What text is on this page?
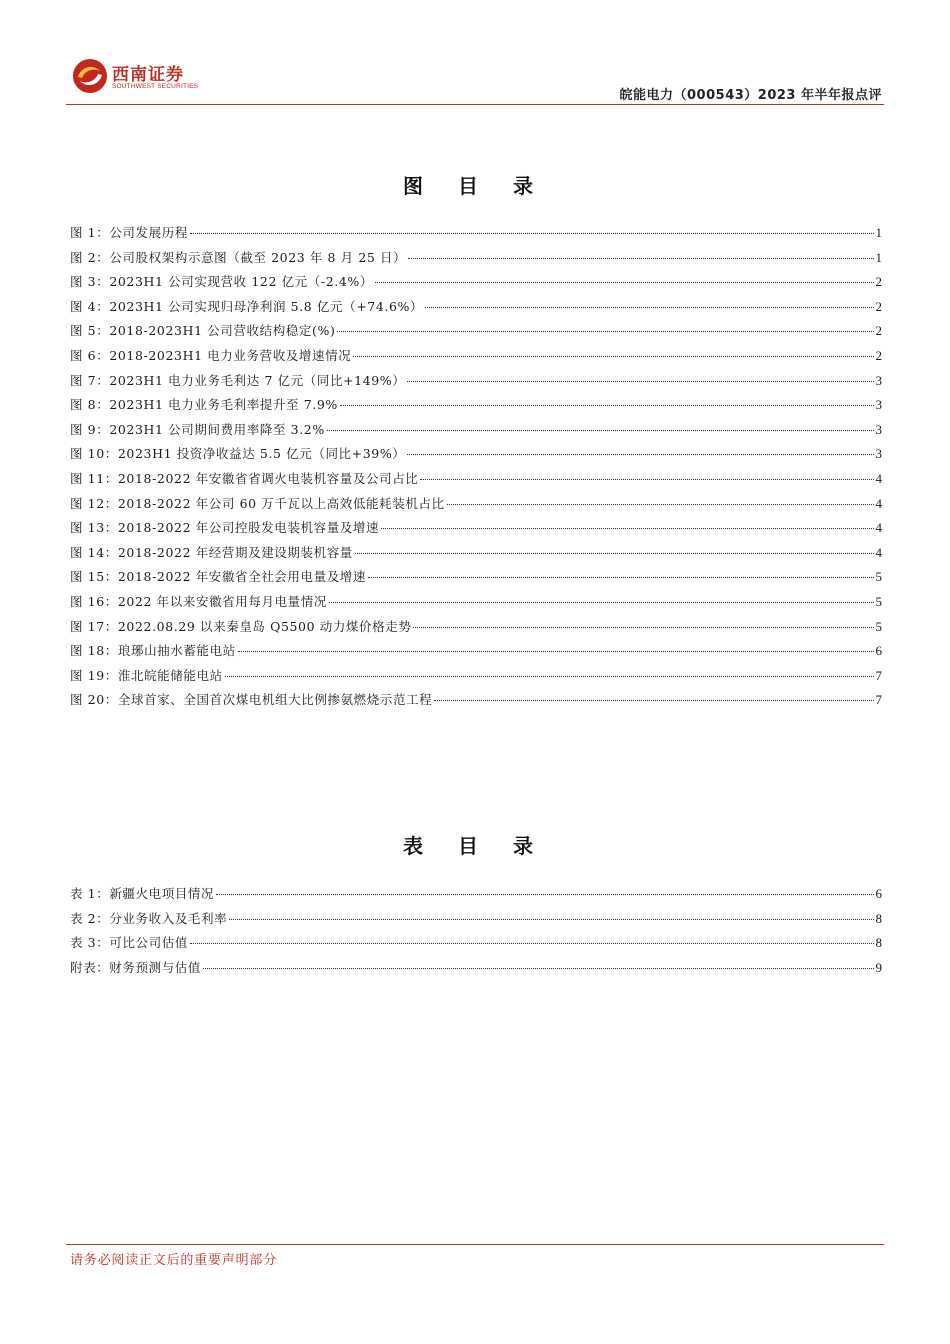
西南证券
SOUTHWEST SECURITIES
皖能电力（000543）2023 年半年报点评
图 目 录
图 1：公司发展历程	1
图 2：公司股权架构示意图（截至 2023 年 8 月 25 日）	1
图 3：2023H1 公司实现营收 122 亿元（-2.4%）	2
图 4：2023H1 公司实现归母净利润 5.8 亿元（+74.6%）	2
图 5：2018-2023H1 公司营收结构稳定(%)	2
图 6：2018-2023H1 电力业务营收及增速情况	2
图 7：2023H1 电力业务毛利达 7 亿元（同比+149%）	3
图 8：2023H1 电力业务毛利率提升至 7.9%	3
图 9：2023H1 公司期间费用率降至 3.2%	3
图 10：2023H1 投资净收益达 5.5 亿元（同比+39%）	3
图 11：2018-2022 年安徽省省调火电装机容量及公司占比	4
图 12：2018-2022 年公司 60 万千瓦以上高效低能耗装机占比	4
图 13：2018-2022 年公司控股发电装机容量及增速	4
图 14：2018-2022 年经营期及建设期装机容量	4
图 15：2018-2022 年安徽省全社会用电量及增速	5
图 16：2022 年以来安徽省用每月电量情况	5
图 17：2022.08.29 以来秦皇岛 Q5500 动力煤价格走势	5
图 18：琅琊山抽水蓄能电站	6
图 19：淮北皖能储能电站	7
图 20：全球首家、全国首次煤电机组大比例掺氨燃烧示范工程	7
表 目 录
表 1：新疆火电项目情况	6
表 2：分业务收入及毛利率	8
表 3：可比公司估值	8
附表：财务预测与估值	9
请务必阅读正文后的重要声明部分
